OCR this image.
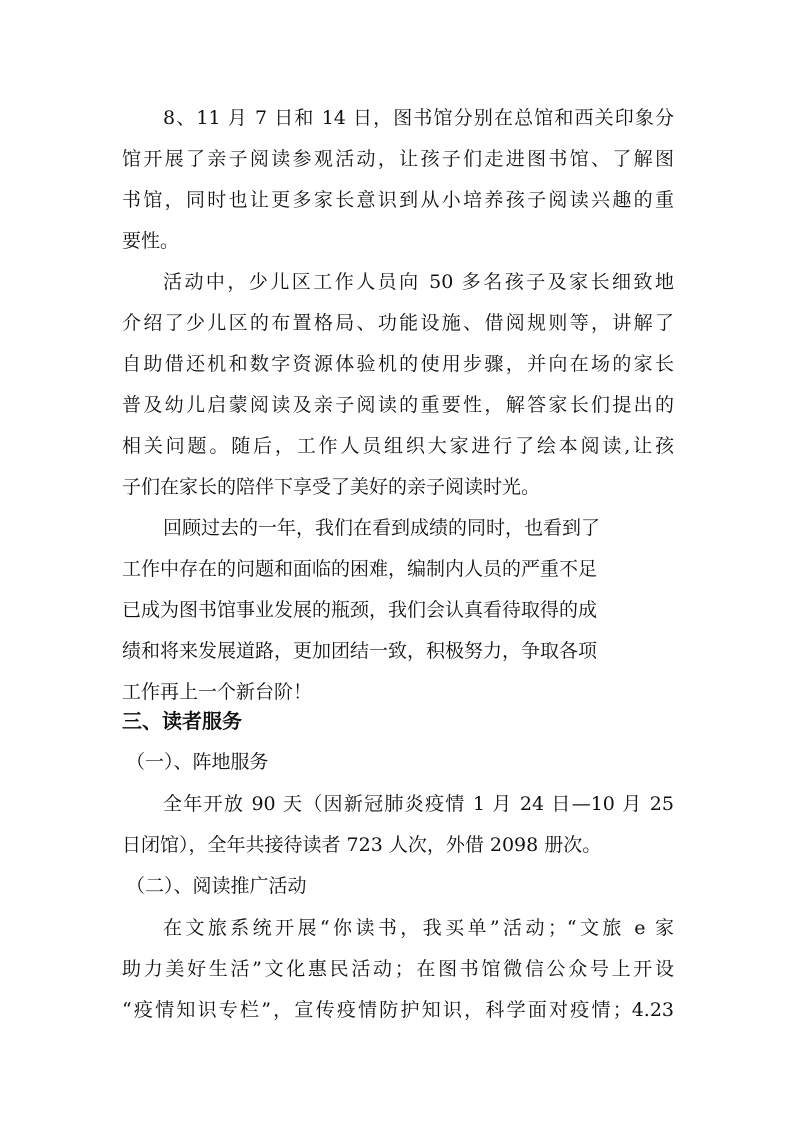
8、11 月 7 日和 14 日，图书馆分别在总馆和西关印象分
馆开展了亲子阅读参观活动，让孩子们走进图书馆、了解图
书馆，同时也让更多家长意识到从小培养孩子阅读兴趣的重
要性。
活动中，少儿区工作人员向 50 多名孩子及家长细致地
介绍了少儿区的布置格局、功能设施、借阅规则等，讲解了
自助借还机和数字资源体验机的使用步骤，并向在场的家长
普及幼儿启蒙阅读及亲子阅读的重要性，解答家长们提出的
相关问题。随后，工作人员组织大家进行了绘本阅读,让孩
子们在家长的陪伴下享受了美好的亲子阅读时光。
回顾过去的一年，我们在看到成绩的同时，也看到了
工作中存在的问题和面临的困难，编制内人员的严重不足
已成为图书馆事业发展的瓶颈，我们会认真看待取得的成
绩和将来发展道路，更加团结一致，积极努力，争取各项
工作再上一个新台阶！
三、读者服务
（一）、阵地服务
全年开放 90 天（因新冠肺炎疫情 1 月 24 日—10 月 25
日闭馆），全年共接待读者 723 人次，外借 2098 册次。
（二）、阅读推广活动
在文旅系统开展“你读书，我买单”活动；“文旅 e 家
助力美好生活”文化惠民活动；在图书馆微信公众号上开设
“疫情知识专栏”，宣传疫情防护知识，科学面对疫情；4.23
